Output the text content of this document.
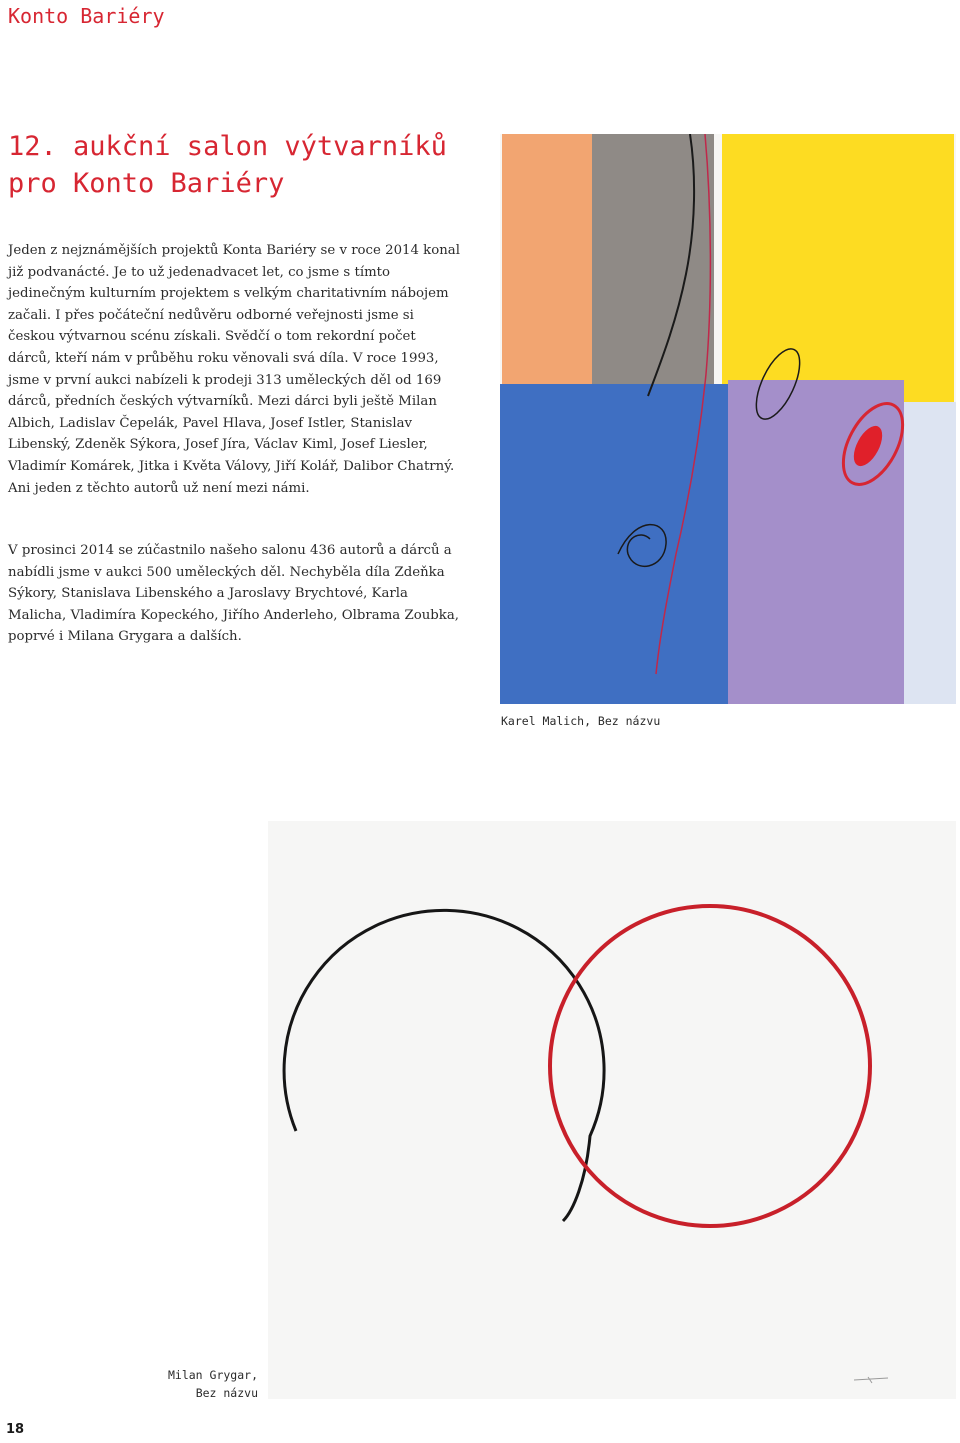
Konto Bariéry
12. aukční salon výtvarníků
pro Konto Bariéry

Jeden z nejznámějších projektů Konta Bariéry se v roce 2014 konal již podvanácté. Je to už jedenadvacet let, co jsme s tímto jedinečným kulturním projektem s velkým charitativním nábojem začali. I přes počáteční nedůvěru odborné veřejnosti jsme si českou výtvarnou scénu získali. Svědčí o tom rekordní počet dárců, kteří nám v průběhu roku věnovali svá díla. V roce 1993, jsme v první aukci nabízeli k prodeji 313 uměleckých děl od 169 dárců, předních českých výtvarníků. Mezi dárci byli ještě Milan Albich, Ladislav Čepelák, Pavel Hlava, Josef Istler, Stanislav Libenský, Zdeněk Sýkora, Josef Jíra, Václav Kiml, Josef Liesler, Vladimír Komárek, Jitka i Květa Válovy, Jiří Kolář, Dalibor Chatrný. Ani jeden z těchto autorů už není mezi námi.

V prosinci 2014 se zúčastnilo našeho salonu 436 autorů a dárců a nabídli jsme v aukci 500 uměleckých děl. Nechyběla díla Zdeňka Sýkory, Stanislava Libenského a Jaroslavy Brychtové, Karla Malicha, Vladimíra Kopeckého, Jiřího Anderleho, Olbrama Zoubka, poprvé i Milana Grygara a dalších.

Karel Malich, Bez názvu
Milan Grygar,
Bez názvu
18
